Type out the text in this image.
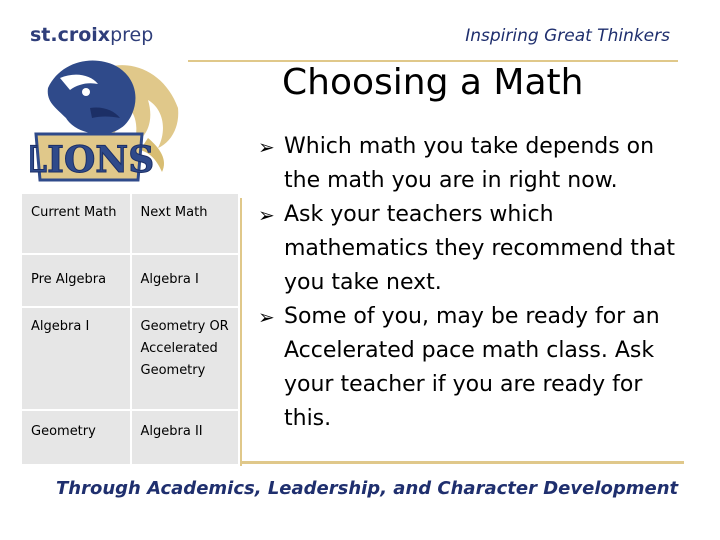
st.croixprep
LIONS
Inspiring Great Thinkers
Choosing a Math
Current Math	Next Math
Pre Algebra	Algebra I
Algebra I	Geometry OR Accelerated Geometry
Geometry	Algebra II
➢ Which math you take depends on the math you are in right now.
➢ Ask your teachers which mathematics they recommend that you take next.
➢ Some of you, may be ready for an Accelerated pace math class. Ask your teacher if you are ready for this.
Through Academics, Leadership, and Character Development
